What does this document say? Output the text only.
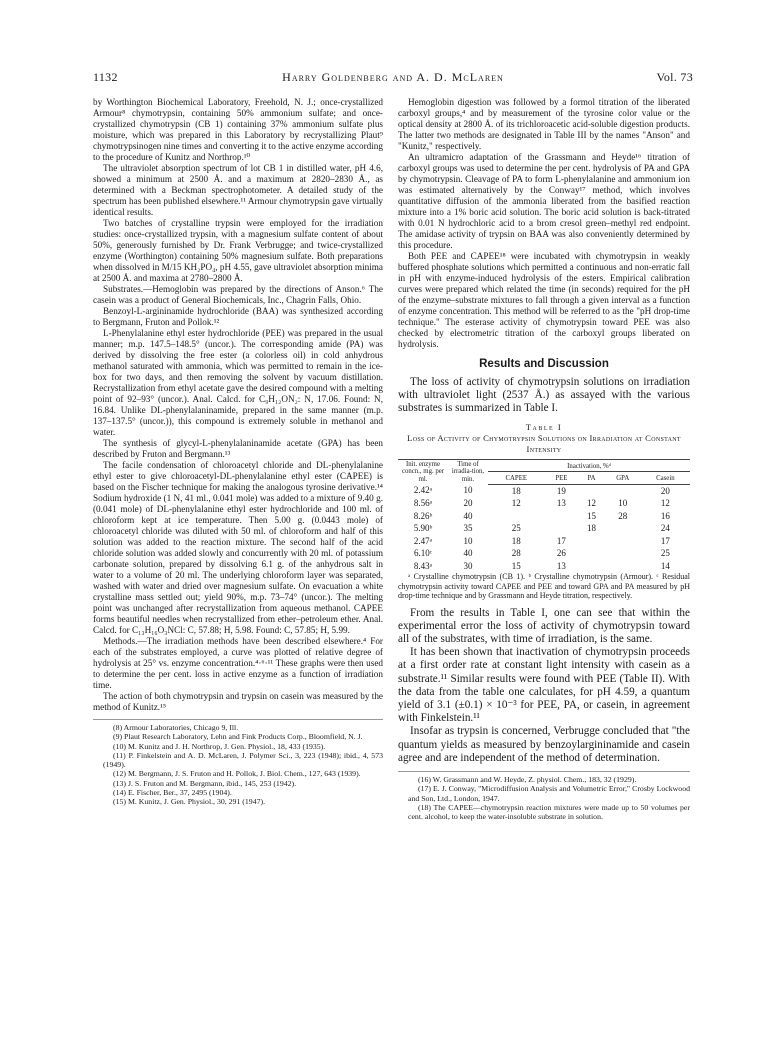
1132	Harry Goldenberg and A. D. McLaren	Vol. 73

by Worthington Biochemical Laboratory, Freehold, N. J.; once-crystallized Armour⁸ chymotrypsin, containing 50% ammonium sulfate; and once-crystallized chymotrypsin (CB 1) containing 37% ammonium sulfate plus moisture, which was prepared in this Laboratory by recrystallizing Plaut⁹ chymotrypsinogen nine times and converting it to the active enzyme according to the procedure of Kunitz and Northrop.¹⁰

The ultraviolet absorption spectrum of lot CB 1 in distilled water, pH 4.6, showed a minimum at 2500 Å. and a maximum at 2820–2830 Å., as determined with a Beckman spectrophotometer. A detailed study of the spectrum has been published elsewhere.¹¹ Armour chymotrypsin gave virtually identical results.

Two batches of crystalline trypsin were employed for the irradiation studies: once-crystallized trypsin, with a magnesium sulfate content of about 50%, generously furnished by Dr. Frank Verbrugge; and twice-crystallized enzyme (Worthington) containing 50% magnesium sulfate. Both preparations when dissolved in M/15 KH₂PO₄, pH 4.55, gave ultraviolet absorption minima at 2500 Å. and maxima at 2780–2800 Å.

Substrates.—Hemoglobin was prepared by the directions of Anson.⁶ The casein was a product of General Biochemicals, Inc., Chagrin Falls, Ohio.

Benzoyl-L-argininamide hydrochloride (BAA) was synthesized according to Bergmann, Fruton and Pollok.¹²

L-Phenylalanine ethyl ester hydrochloride (PEE) was prepared in the usual manner; m.p. 147.5–148.5° (uncor.). The corresponding amide (PA) was derived by dissolving the free ester (a colorless oil) in cold anhydrous methanol saturated with ammonia, which was permitted to remain in the ice-box for two days, and then removing the solvent by vacuum distillation. Recrystallization from ethyl acetate gave the desired compound with a melting point of 92–93° (uncor.). Anal. Calcd. for C₉H₁₂ON₂: N, 17.06. Found: N, 16.84. Unlike DL-phenylalaninamide, prepared in the same manner (m.p. 137–137.5° (uncor.)), this compound is extremely soluble in methanol and water.

The synthesis of glycyl-L-phenylalaninamide acetate (GPA) has been described by Fruton and Bergmann.¹³

The facile condensation of chloroacetyl chloride and DL-phenylalanine ethyl ester to give chloroacetyl-DL-phenylalanine ethyl ester (CAPEE) is based on the Fischer technique for making the analogous tyrosine derivative.¹⁴ Sodium hydroxide (1 N, 41 ml., 0.041 mole) was added to a mixture of 9.40 g. (0.041 mole) of DL-phenylalanine ethyl ester hydrochloride and 100 ml. of chloroform kept at ice temperature. Then 5.00 g. (0.0443 mole) of chloroacetyl chloride was diluted with 50 ml. of chloroform and half of this solution was added to the reaction mixture. The second half of the acid chloride solution was added slowly and concurrently with 20 ml. of potassium carbonate solution, prepared by dissolving 6.1 g. of the anhydrous salt in water to a volume of 20 ml. The underlying chloroform layer was separated, washed with water and dried over magnesium sulfate. On evacuation a white crystalline mass settled out; yield 90%, m.p. 73–74° (uncor.). The melting point was unchanged after recrystallization from aqueous methanol. CAPEE forms beautiful needles when recrystallized from ether–petroleum ether. Anal. Calcd. for C₁₃H₁₆O₃NCl: C, 57.88; H, 5.98. Found: C, 57.85; H, 5.99.

Methods.—The irradiation methods have been described elsewhere.⁴ For each of the substrates employed, a curve was plotted of relative degree of hydrolysis at 25° vs. enzyme concentration.⁴·⁶·¹¹ These graphs were then used to determine the per cent. loss in active enzyme as a function of irradiation time.

The action of both chymotrypsin and trypsin on casein was measured by the method of Kunitz.¹⁵

(8) Armour Laboratories, Chicago 9, Ill.

(9) Plaut Research Laboratory, Lehn and Fink Products Corp., Bloomfield, N. J.

(10) M. Kunitz and J. H. Northrop, J. Gen. Physiol., 18, 433 (1935).

(11) P. Finkelstein and A. D. McLaren, J. Polymer Sci., 3, 223 (1948); ibid., 4, 573 (1949).

(12) M. Bergmann, J. S. Fruton and H. Pollok, J. Biol. Chem., 127, 643 (1939).

(13) J. S. Fruton and M. Bergmann, ibid., 145, 253 (1942).

(14) E. Fischer, Ber., 37, 2495 (1904).

(15) M. Kunitz, J. Gen. Physiol., 30, 291 (1947).

Hemoglobin digestion was followed by a formol titration of the liberated carboxyl groups,⁴ and by measurement of the tyrosine color value or the optical density at 2800 Å. of its trichloroacetic acid-soluble digestion products. The latter two methods are designated in Table III by the names "Anson" and "Kunitz," respectively.

An ultramicro adaptation of the Grassmann and Heyde¹⁶ titration of carboxyl groups was used to determine the per cent. hydrolysis of PA and GPA by chymotrypsin. Cleavage of PA to form L-phenylalanine and ammonium ion was estimated alternatively by the Conway¹⁷ method, which involves quantitative diffusion of the ammonia liberated from the basified reaction mixture into a 1% boric acid solution. The boric acid solution is back-titrated with 0.01 N hydrochloric acid to a brom cresol green–methyl red endpoint. The amidase activity of trypsin on BAA was also conveniently determined by this procedure.

Both PEE and CAPEE¹⁸ were incubated with chymotrypsin in weakly buffered phosphate solutions which permitted a continuous and non-erratic fall in pH with enzyme-induced hydrolysis of the esters. Empirical calibration curves were prepared which related the time (in seconds) required for the pH of the enzyme–substrate mixtures to fall through a given interval as a function of enzyme concentration. This method will be referred to as the "pH drop-time technique." The esterase activity of chymotrypsin toward PEE was also checked by electrometric titration of the carboxyl groups liberated on hydrolysis.

Results and Discussion

The loss of activity of chymotrypsin solutions on irradiation with ultraviolet light (2537 Å.) as assayed with the various substrates is summarized in Table I.

Table I
Loss of Activity of Chymotrypsin Solutions on Irradiation at Constant Intensity
Init. enzyme concn., mg. per ml.	Time of irradia-tion, min.	Inactivation, %ᵈ				
		CAPEE	PEE	PA	GPA	Casein
2.42ᵃ	10	18	19			20
8.56ᵃ	20	12	13	12	10	12
8.26ᵇ	40			15	28	16
5.90ᵇ	35	25		18		24
2.47ᵃ	10	18	17			17
6.10ᶜ	40	28	26			25
8.43ᵃ	30	15	13			14

ᵃ Crystalline chymotrypsin (CB 1). ᵇ Crystalline chymotrypsin (Armour). ᶜ Residual chymotrypsin activity toward CAPEE and PEE and toward GPA and PA measured by pH drop-time technique and by Grassmann and Heyde titration, respectively.

From the results in Table I, one can see that within the experimental error the loss of activity of chymotrypsin toward all of the substrates, with time of irradiation, is the same.

It has been shown that inactivation of chymotrypsin proceeds at a first order rate at constant light intensity with casein as a substrate.¹¹ Similar results were found with PEE (Table II). With the data from the table one calculates, for pH 4.59, a quantum yield of 3.1 (±0.1) × 10⁻³ for PEE, PA, or casein, in agreement with Finkelstein.¹¹

Insofar as trypsin is concerned, Verbrugge concluded that "the quantum yields as measured by benzoylargininamide and casein agree and are independent of the method of determination.

(16) W. Grassmann and W. Heyde, Z. physiol. Chem., 183, 32 (1929).

(17) E. J. Conway, "Microdiffusion Analysis and Volumetric Error," Crosby Lockwood and Son, Ltd., London, 1947.

(18) The CAPEE—chymotrypsin reaction mixtures were made up to 50 volumes per cent. alcohol, to keep the water-insoluble substrate in solution.
